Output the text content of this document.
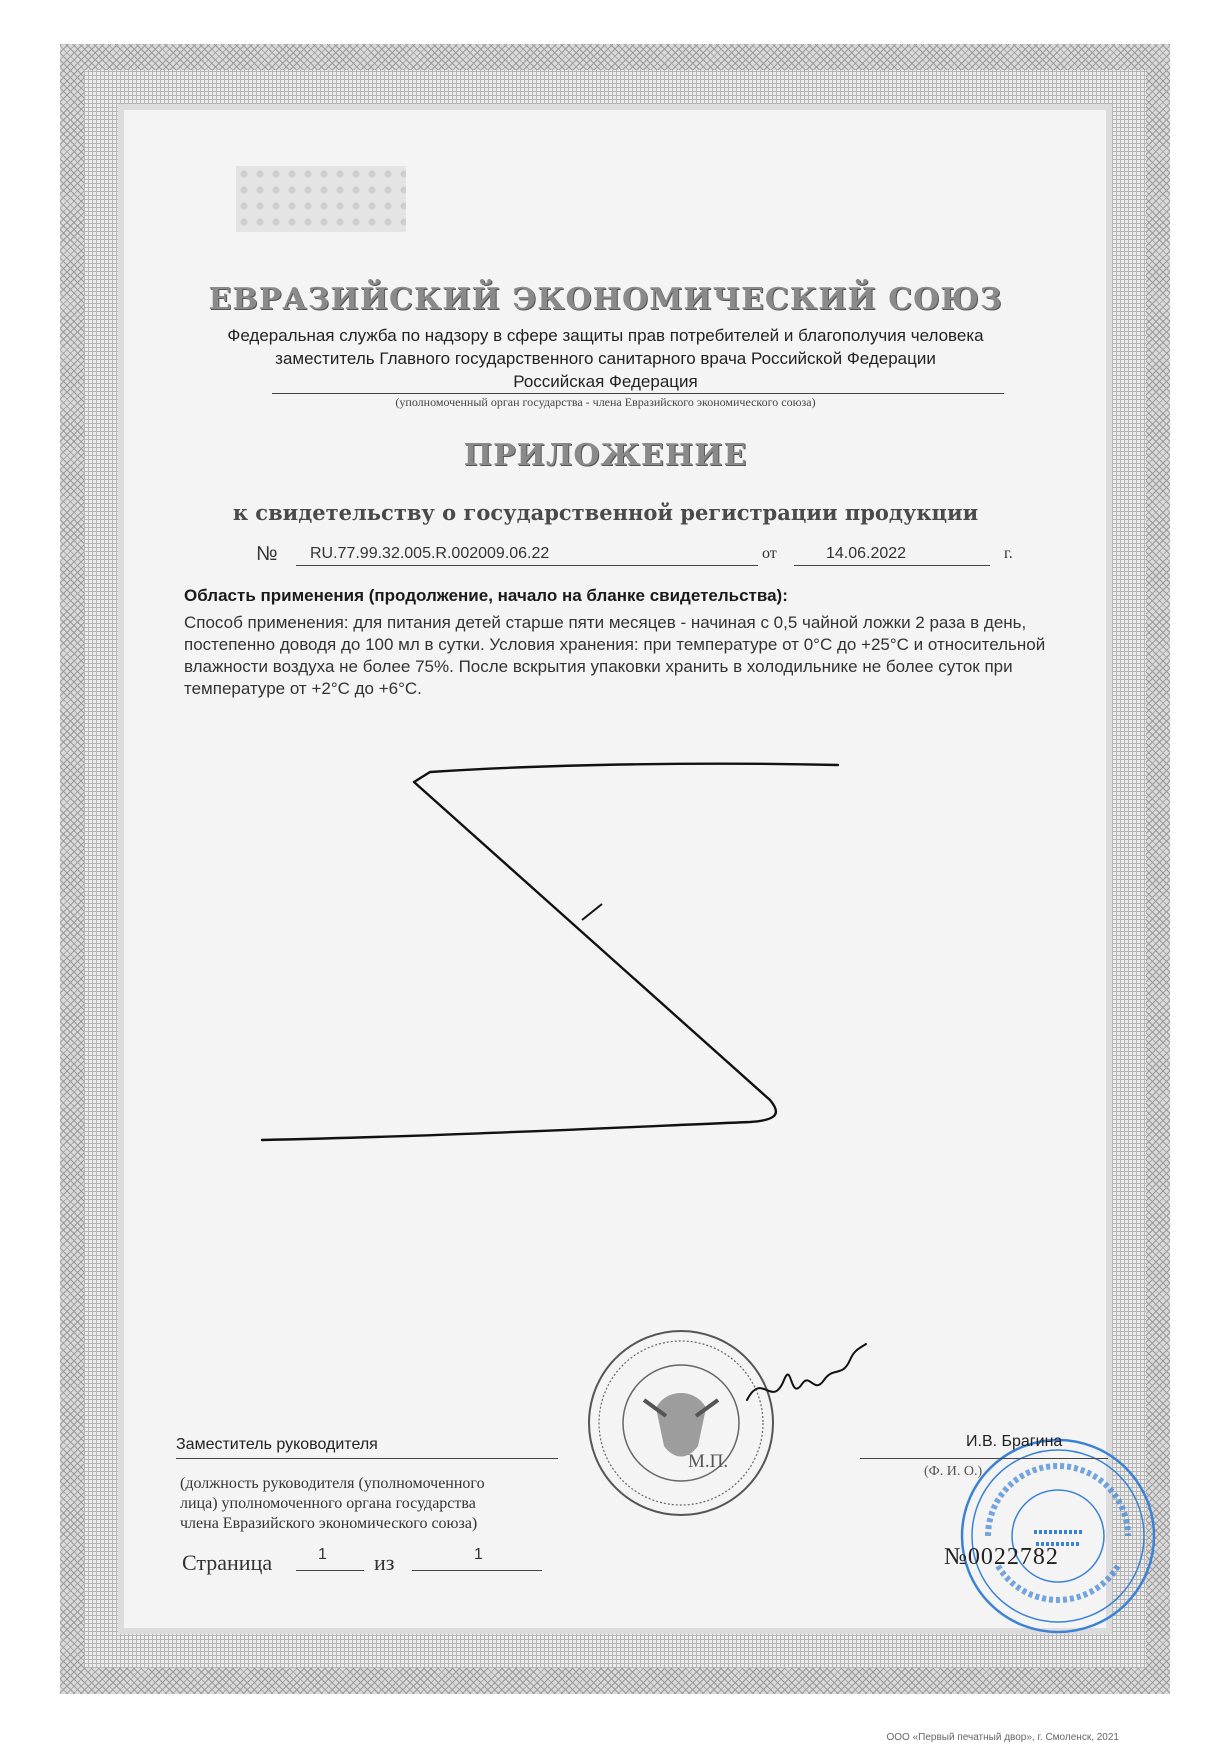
ЕВРАЗИЙСКИЙ ЭКОНОМИЧЕСКИЙ СОЮЗ
Федеральная служба по надзору в сфере защиты прав потребителей и благополучия человека
заместитель Главного государственного санитарного врача Российской Федерации
Российская Федерация
(уполномоченный орган государства - члена Евразийского экономического союза)
ПРИЛОЖЕНИЕ
к свидетельству о государственной регистрации продукции
№ RU.77.99.32.005.R.002009.06.22	от	14.06.2022	г.
Область применения (продолжение, начало на бланке свидетельства):
Способ применения: для питания детей старше пяти месяцев - начиная с 0,5 чайной ложки 2 раза в день, постепенно доводя до 100 мл в сутки. Условия хранения: при температуре от 0°С до +25°С и относительной влажности воздуха не более 75%. После вскрытия упаковки хранить в холодильнике не более суток при температуре от +2°С до +6°С.
Заместитель руководителя	И.В. Брагина
М.П.	(Ф. И. О.)
(должность руководителя (уполномоченного
лица) уполномоченного органа государства
члена Евразийского экономического союза)
Страница	1 из	1	№0022782
ООО «Первый печатный двор», г. Смоленск, 2021
